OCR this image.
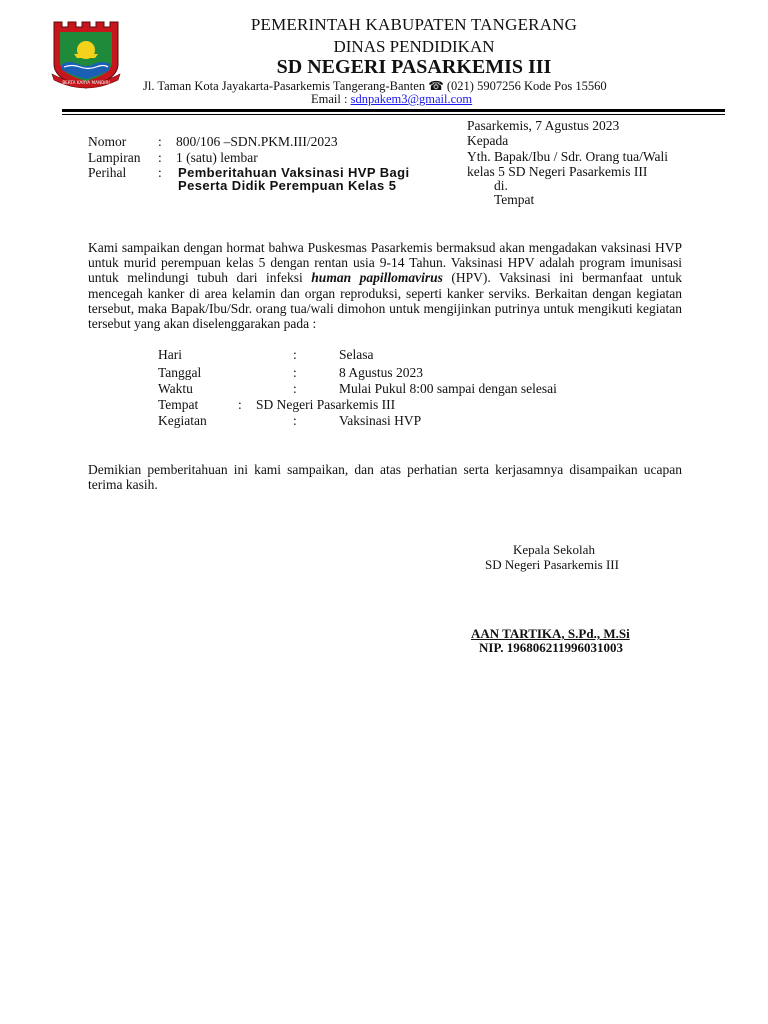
BERTA KARYA MANDIRI
PEMERINTAH KABUPATEN TANGERANG
DINAS PENDIDIKAN
SD NEGERI PASARKEMIS III
Jl. Taman Kota Jayakarta-Pasarkemis Tangerang-Banten ☎ (021) 5907256 Kode Pos 15560
Email : sdnpakem3@gmail.com
Nomor : 800/106 –SDN.PKM.III/2023
Lampiran : 1 (satu) lembar
Perihal : Pemberitahuan Vaksinasi HVP Bagi Peserta Didik Perempuan Kelas 5
Pasarkemis, 7 Agustus 2023
Kepada
Yth. Bapak/Ibu / Sdr. Orang tua/Wali
kelas 5 SD Negeri Pasarkemis III
di.
Tempat
Kami sampaikan dengan hormat bahwa Puskesmas Pasarkemis bermaksud akan mengadakan vaksinasi HVP untuk murid perempuan kelas 5 dengan rentan usia 9-14 Tahun. Vaksinasi HPV adalah program imunisasi untuk melindungi tubuh dari infeksi human papillomavirus (HPV). Vaksinasi ini bermanfaat untuk mencegah kanker di area kelamin dan organ reproduksi, seperti kanker serviks. Berkaitan dengan kegiatan tersebut, maka Bapak/Ibu/Sdr. orang tua/wali dimohon untuk mengijinkan putrinya untuk mengikuti kegiatan tersebut yang akan diselenggarakan pada :
Hari	:	Selasa
Tanggal	:	8 Agustus 2023
Waktu	:	Mulai Pukul 8:00 sampai dengan selesai
Tempat	: SD Negeri Pasarkemis III
Kegiatan	:	Vaksinasi HVP
Demikian pemberitahuan ini kami sampaikan, dan atas perhatian serta kerjasamnya disampaikan ucapan terima kasih.
Kepala Sekolah
SD Negeri Pasarkemis III
AAN TARTIKA, S.Pd., M.Si
NIP. 196806211996031003
